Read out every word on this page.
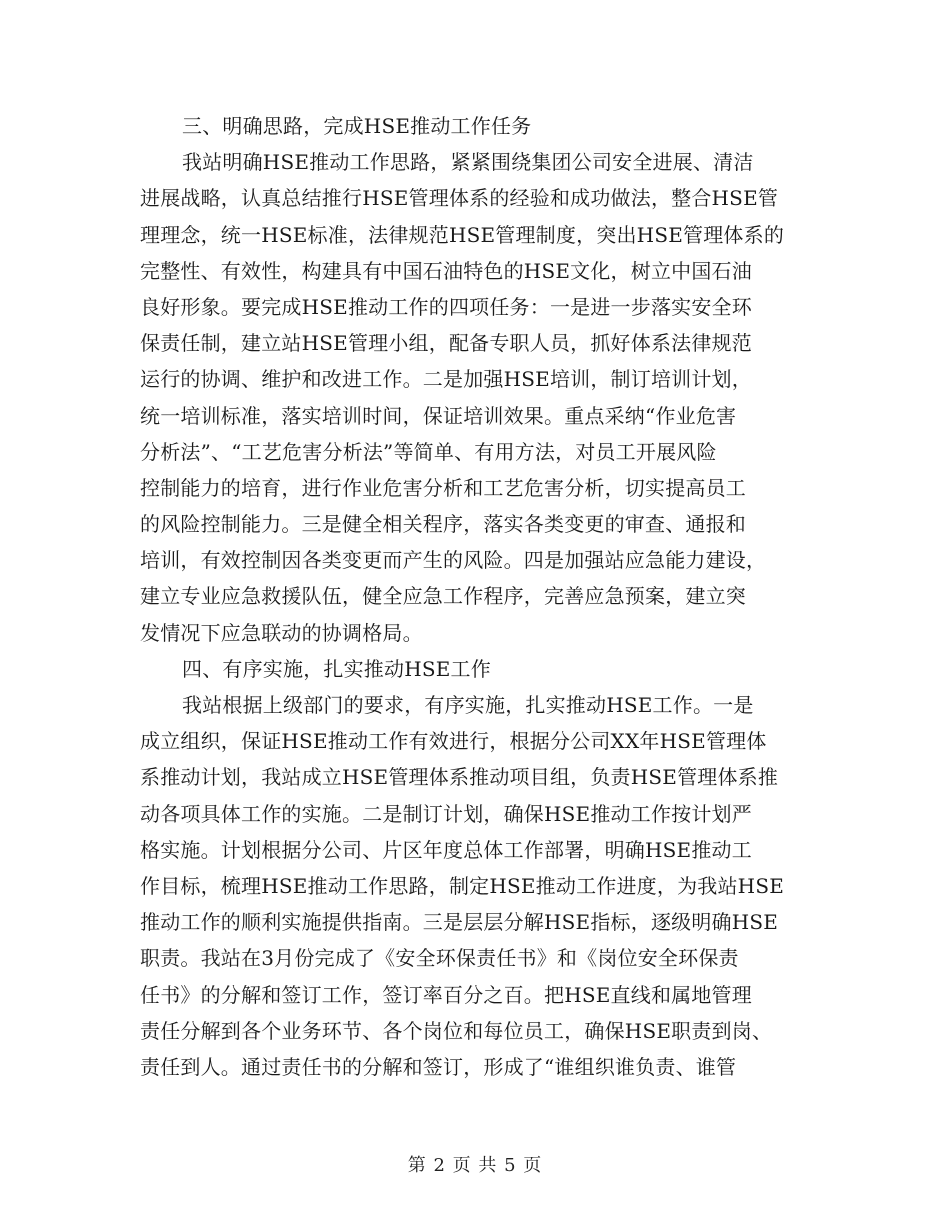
三、明确思路，完成HSE推动工作任务
我站明确HSE推动工作思路，紧紧围绕集团公司安全进展、清洁
进展战略，认真总结推行HSE管理体系的经验和成功做法，整合HSE管
理理念，统一HSE标准，法律规范HSE管理制度，突出HSE管理体系的
完整性、有效性，构建具有中国石油特色的HSE文化，树立中国石油
良好形象。要完成HSE推动工作的四项任务：一是进一步落实安全环
保责任制，建立站HSE管理小组，配备专职人员，抓好体系法律规范
运行的协调、维护和改进工作。二是加强HSE培训，制订培训计划，
统一培训标准，落实培训时间，保证培训效果。重点采纳“作业危害
分析法”、“工艺危害分析法”等简单、有用方法，对员工开展风险
控制能力的培育，进行作业危害分析和工艺危害分析，切实提高员工
的风险控制能力。三是健全相关程序，落实各类变更的审查、通报和
培训，有效控制因各类变更而产生的风险。四是加强站应急能力建设，
建立专业应急救援队伍，健全应急工作程序，完善应急预案，建立突
发情况下应急联动的协调格局。
四、有序实施，扎实推动HSE工作
我站根据上级部门的要求，有序实施，扎实推动HSE工作。一是
成立组织，保证HSE推动工作有效进行，根据分公司XX年HSE管理体
系推动计划，我站成立HSE管理体系推动项目组，负责HSE管理体系推
动各项具体工作的实施。二是制订计划，确保HSE推动工作按计划严
格实施。计划根据分公司、片区年度总体工作部署，明确HSE推动工
作目标，梳理HSE推动工作思路，制定HSE推动工作进度，为我站HSE
推动工作的顺利实施提供指南。三是层层分解HSE指标，逐级明确HSE
职责。我站在3月份完成了《安全环保责任书》和《岗位安全环保责
任书》的分解和签订工作，签订率百分之百。把HSE直线和属地管理
责任分解到各个业务环节、各个岗位和每位员工，确保HSE职责到岗、
责任到人。通过责任书的分解和签订，形成了“谁组织谁负责、谁管
第 2 页 共 5 页
